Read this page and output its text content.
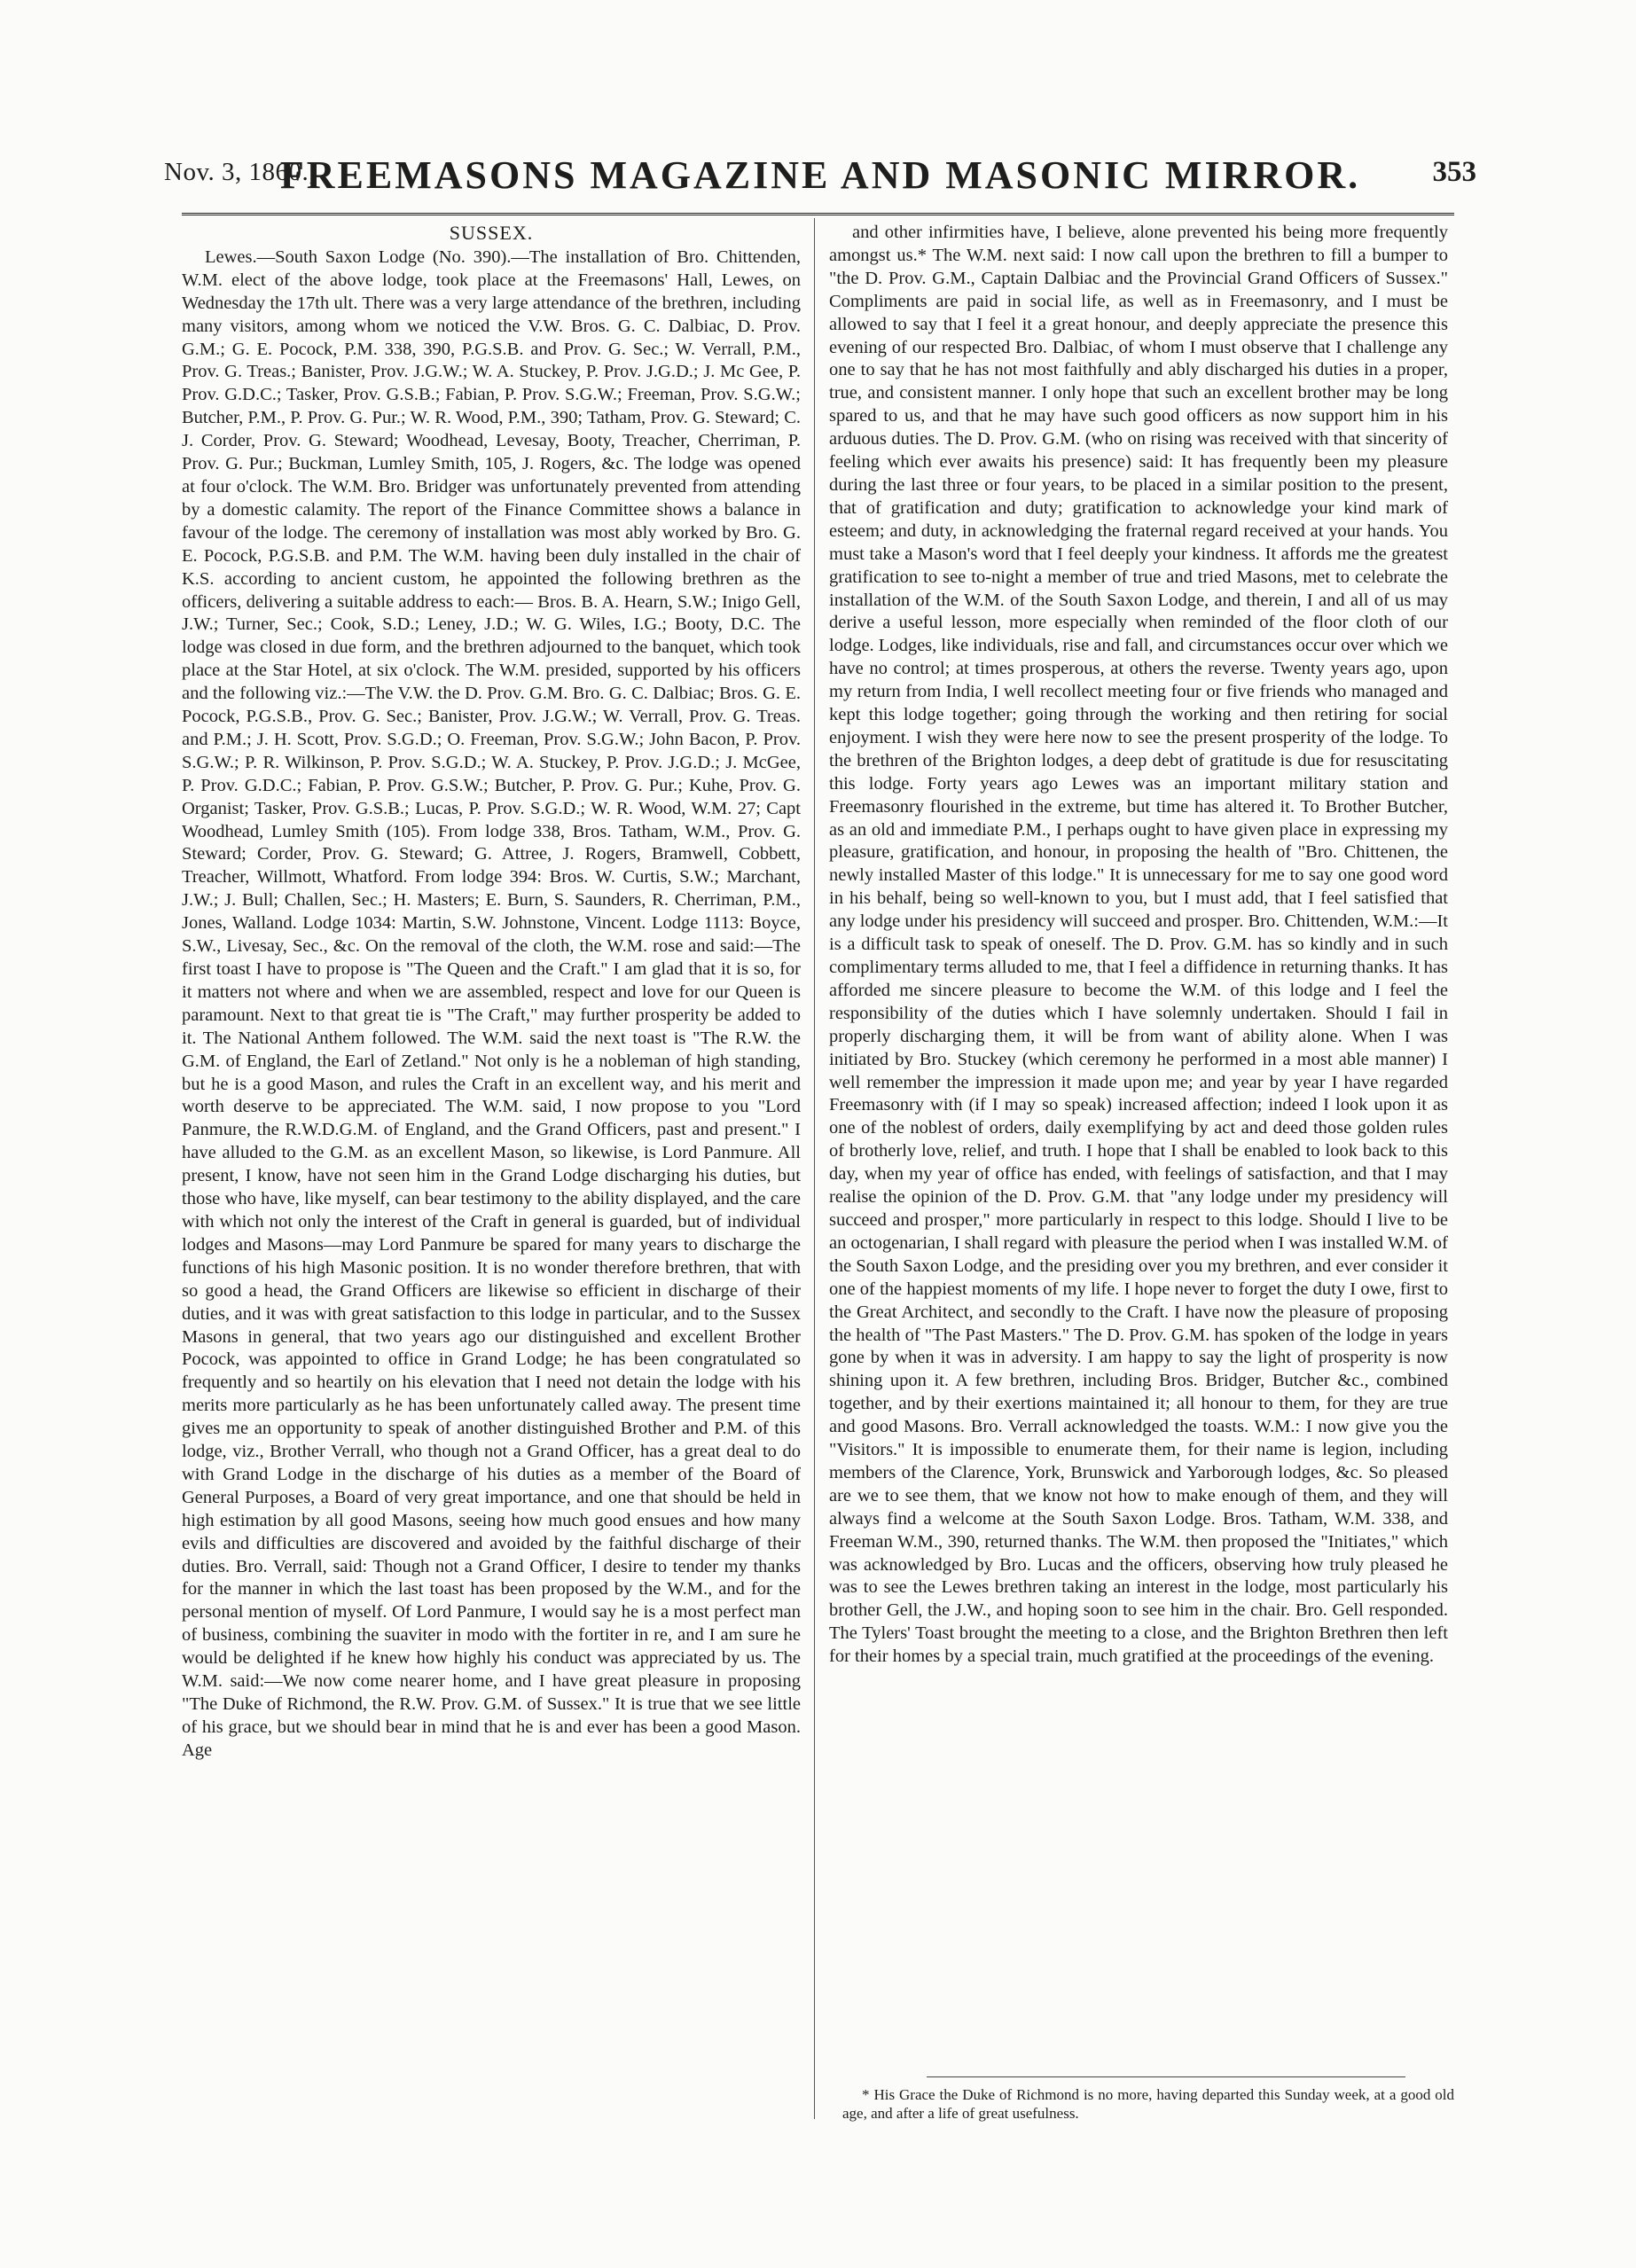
Nov. 3, 1860.]
FREEMASONS MAGAZINE AND MASONIC MIRROR.	353
SUSSEX.

Lewes.—South Saxon Lodge (No. 390).—The installation of Bro. Chittenden, W.M. elect of the above lodge, took place at the Freemasons' Hall, Lewes, on Wednesday the 17th ult. There was a very large attendance of the brethren, including many visitors, among whom we noticed the V.W. Bros. G. C. Dalbiac, D. Prov. G.M.; G. E. Pocock, P.M. 338, 390, P.G.S.B. and Prov. G. Sec.; W. Verrall, P.M., Prov. G. Treas.; Banister, Prov. J.G.W.; W. A. Stuckey, P. Prov. J.G.D.; J. Mc Gee, P. Prov. G.D.C.; Tasker, Prov. G.S.B.; Fabian, P. Prov. S.G.W.; Freeman, Prov. S.G.W.; Butcher, P.M., P. Prov. G. Pur.; W. R. Wood, P.M., 390; Tatham, Prov. G. Steward; C. J. Corder, Prov. G. Steward; Woodhead, Levesay, Booty, Treacher, Cherriman, P. Prov. G. Pur.; Buckman, Lumley Smith, 105, J. Rogers, &c. The lodge was opened at four o'clock. The W.M. Bro. Bridger was unfortunately prevented from attending by a domestic calamity. The report of the Finance Committee shows a balance in favour of the lodge. The ceremony of installation was most ably worked by Bro. G. E. Pocock, P.G.S.B. and P.M. The W.M. having been duly installed in the chair of K.S. according to ancient custom, he appointed the following brethren as the officers, delivering a suitable address to each:— Bros. B. A. Hearn, S.W.; Inigo Gell, J.W.; Turner, Sec.; Cook, S.D.; Leney, J.D.; W. G. Wiles, I.G.; Booty, D.C. The lodge was closed in due form, and the brethren adjourned to the banquet, which took place at the Star Hotel, at six o'clock. The W.M. presided, supported by his officers and the following viz.:—The V.W. the D. Prov. G.M. Bro. G. C. Dalbiac; Bros. G. E. Pocock, P.G.S.B., Prov. G. Sec.; Banister, Prov. J.G.W.; W. Verrall, Prov. G. Treas. and P.M.; J. H. Scott, Prov. S.G.D.; O. Freeman, Prov. S.G.W.; John Bacon, P. Prov. S.G.W.; P. R. Wilkinson, P. Prov. S.G.D.; W. A. Stuckey, P. Prov. J.G.D.; J. McGee, P. Prov. G.D.C.; Fabian, P. Prov. G.S.W.; Butcher, P. Prov. G. Pur.; Kuhe, Prov. G. Organist; Tasker, Prov. G.S.B.; Lucas, P. Prov. S.G.D.; W. R. Wood, W.M. 27; Capt Woodhead, Lumley Smith (105). From lodge 338, Bros. Tatham, W.M., Prov. G. Steward; Corder, Prov. G. Steward; G. Attree, J. Rogers, Bramwell, Cobbett, Treacher, Willmott, Whatford. From lodge 394: Bros. W. Curtis, S.W.; Marchant, J.W.; J. Bull; Challen, Sec.; H. Masters; E. Burn, S. Saunders, R. Cherriman, P.M., Jones, Walland. Lodge 1034: Martin, S.W. Johnstone, Vincent. Lodge 1113: Boyce, S.W., Livesay, Sec., &c. On the removal of the cloth, the W.M. rose and said:—The first toast I have to propose is "The Queen and the Craft." I am glad that it is so, for it matters not where and when we are assembled, respect and love for our Queen is paramount. Next to that great tie is "The Craft," may further prosperity be added to it. The National Anthem followed. The W.M. said the next toast is "The R.W. the G.M. of England, the Earl of Zetland." Not only is he a nobleman of high standing, but he is a good Mason, and rules the Craft in an excellent way, and his merit and worth deserve to be appreciated. The W.M. said, I now propose to you "Lord Panmure, the R.W.D.G.M. of England, and the Grand Officers, past and present." I have alluded to the G.M. as an excellent Mason, so likewise, is Lord Panmure. All present, I know, have not seen him in the Grand Lodge discharging his duties, but those who have, like myself, can bear testimony to the ability displayed, and the care with which not only the interest of the Craft in general is guarded, but of individual lodges and Masons—may Lord Panmure be spared for many years to discharge the functions of his high Masonic position. It is no wonder therefore brethren, that with so good a head, the Grand Officers are likewise so efficient in discharge of their duties, and it was with great satisfaction to this lodge in particular, and to the Sussex Masons in general, that two years ago our distinguished and excellent Brother Pocock, was appointed to office in Grand Lodge; he has been congratulated so frequently and so heartily on his elevation that I need not detain the lodge with his merits more particularly as he has been unfortunately called away. The present time gives me an opportunity to speak of another distinguished Brother and P.M. of this lodge, viz., Brother Verrall, who though not a Grand Officer, has a great deal to do with Grand Lodge in the discharge of his duties as a member of the Board of General Purposes, a Board of very great importance, and one that should be held in high estimation by all good Masons, seeing how much good ensues and how many evils and difficulties are discovered and avoided by the faithful discharge of their duties. Bro. Verrall, said: Though not a Grand Officer, I desire to tender my thanks for the manner in which the last toast has been proposed by the W.M., and for the personal mention of myself. Of Lord Panmure, I would say he is a most perfect man of business, combining the suaviter in modo with the fortiter in re, and I am sure he would be delighted if he knew how highly his conduct was appreciated by us. The W.M. said:—We now come nearer home, and I have great pleasure in proposing "The Duke of Richmond, the R.W. Prov. G.M. of Sussex." It is true that we see little of his grace, but we should bear in mind that he is and ever has been a good Mason. Age

and other infirmities have, I believe, alone prevented his being more frequently amongst us.* The W.M. next said: I now call upon the brethren to fill a bumper to "the D. Prov. G.M., Captain Dalbiac and the Provincial Grand Officers of Sussex." Compliments are paid in social life, as well as in Freemasonry, and I must be allowed to say that I feel it a great honour, and deeply appreciate the presence this evening of our respected Bro. Dalbiac, of whom I must observe that I challenge any one to say that he has not most faithfully and ably discharged his duties in a proper, true, and consistent manner. I only hope that such an excellent brother may be long spared to us, and that he may have such good officers as now support him in his arduous duties. The D. Prov. G.M. (who on rising was received with that sincerity of feeling which ever awaits his presence) said: It has frequently been my pleasure during the last three or four years, to be placed in a similar position to the present, that of gratification and duty; gratification to acknowledge your kind mark of esteem; and duty, in acknowledging the fraternal regard received at your hands. You must take a Mason's word that I feel deeply your kindness. It affords me the greatest gratification to see to-night a member of true and tried Masons, met to celebrate the installation of the W.M. of the South Saxon Lodge, and therein, I and all of us may derive a useful lesson, more especially when reminded of the floor cloth of our lodge. Lodges, like individuals, rise and fall, and circumstances occur over which we have no control; at times prosperous, at others the reverse. Twenty years ago, upon my return from India, I well recollect meeting four or five friends who managed and kept this lodge together; going through the working and then retiring for social enjoyment. I wish they were here now to see the present prosperity of the lodge. To the brethren of the Brighton lodges, a deep debt of gratitude is due for resuscitating this lodge. Forty years ago Lewes was an important military station and Freemasonry flourished in the extreme, but time has altered it. To Brother Butcher, as an old and immediate P.M., I perhaps ought to have given place in expressing my pleasure, gratification, and honour, in proposing the health of "Bro. Chittenen, the newly installed Master of this lodge." It is unnecessary for me to say one good word in his behalf, being so well-known to you, but I must add, that I feel satisfied that any lodge under his presidency will succeed and prosper. Bro. Chittenden, W.M.:—It is a difficult task to speak of oneself. The D. Prov. G.M. has so kindly and in such complimentary terms alluded to me, that I feel a diffidence in returning thanks. It has afforded me sincere pleasure to become the W.M. of this lodge and I feel the responsibility of the duties which I have solemnly undertaken. Should I fail in properly discharging them, it will be from want of ability alone. When I was initiated by Bro. Stuckey (which ceremony he performed in a most able manner) I well remember the impression it made upon me; and year by year I have regarded Freemasonry with (if I may so speak) increased affection; indeed I look upon it as one of the noblest of orders, daily exemplifying by act and deed those golden rules of brotherly love, relief, and truth. I hope that I shall be enabled to look back to this day, when my year of office has ended, with feelings of satisfaction, and that I may realise the opinion of the D. Prov. G.M. that "any lodge under my presidency will succeed and prosper," more particularly in respect to this lodge. Should I live to be an octogenarian, I shall regard with pleasure the period when I was installed W.M. of the South Saxon Lodge, and the presiding over you my brethren, and ever consider it one of the happiest moments of my life. I hope never to forget the duty I owe, first to the Great Architect, and secondly to the Craft. I have now the pleasure of proposing the health of "The Past Masters." The D. Prov. G.M. has spoken of the lodge in years gone by when it was in adversity. I am happy to say the light of prosperity is now shining upon it. A few brethren, including Bros. Bridger, Butcher &c., combined together, and by their exertions maintained it; all honour to them, for they are true and good Masons. Bro. Verrall acknowledged the toasts. W.M.: I now give you the "Visitors." It is impossible to enumerate them, for their name is legion, including members of the Clarence, York, Brunswick and Yarborough lodges, &c. So pleased are we to see them, that we know not how to make enough of them, and they will always find a welcome at the South Saxon Lodge. Bros. Tatham, W.M. 338, and Freeman W.M., 390, returned thanks. The W.M. then proposed the "Initiates," which was acknowledged by Bro. Lucas and the officers, observing how truly pleased he was to see the Lewes brethren taking an interest in the lodge, most particularly his brother Gell, the J.W., and hoping soon to see him in the chair. Bro. Gell responded. The Tylers' Toast brought the meeting to a close, and the Brighton Brethren then left for their homes by a special train, much gratified at the proceedings of the evening.

* His Grace the Duke of Richmond is no more, having departed this Sunday week, at a good old age, and after a life of great usefulness.
